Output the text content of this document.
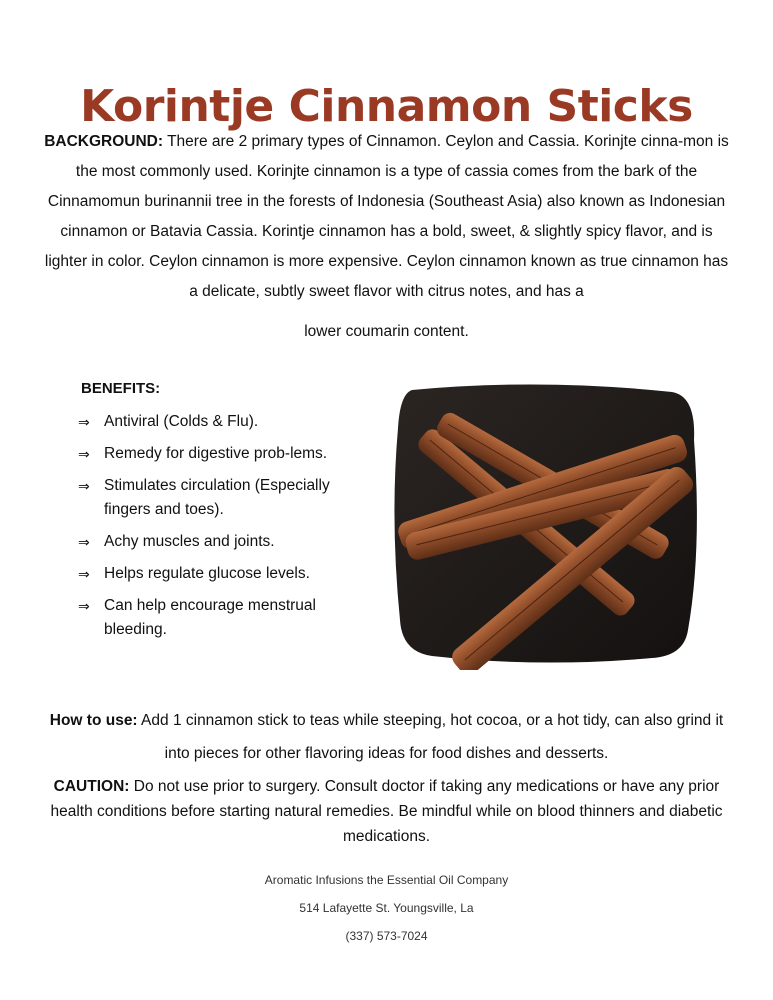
Korintje Cinnamon Sticks

BACKGROUND: There are 2 primary types of Cinnamon. Ceylon and Cassia. Korinjte cinna-mon is the most commonly used. Korinjte cinnamon is a type of cassia comes from the bark of the Cinnamomun burinannii tree in the forests of Indonesia (Southeast Asia) also known as Indonesian cinnamon or Batavia Cassia. Korintje cinnamon has a bold, sweet, & slightly spicy flavor, and is lighter in color. Ceylon cinnamon is more expensive. Ceylon cinnamon known as true cinnamon has a delicate, subtly sweet flavor with citrus notes, and has a
lower coumarin content.

BENEFITS:
⇒ Antiviral (Colds & Flu).
⇒ Remedy for digestive prob-lems.
⇒ Stimulates circulation (Especially fingers and toes).
⇒ Achy muscles and joints.
⇒ Helps regulate glucose levels.
⇒ Can help encourage menstrual bleeding.

How to use: Add 1 cinnamon stick to teas while steeping, hot cocoa, or a hot tidy, can also grind it into pieces for other flavoring ideas for food dishes and desserts.

CAUTION: Do not use prior to surgery. Consult doctor if taking any medications or have any prior health conditions before starting natural remedies. Be mindful while on blood thinners and diabetic medications.

Aromatic Infusions the Essential Oil Company
514 Lafayette St. Youngsville, La
(337) 573-7024
